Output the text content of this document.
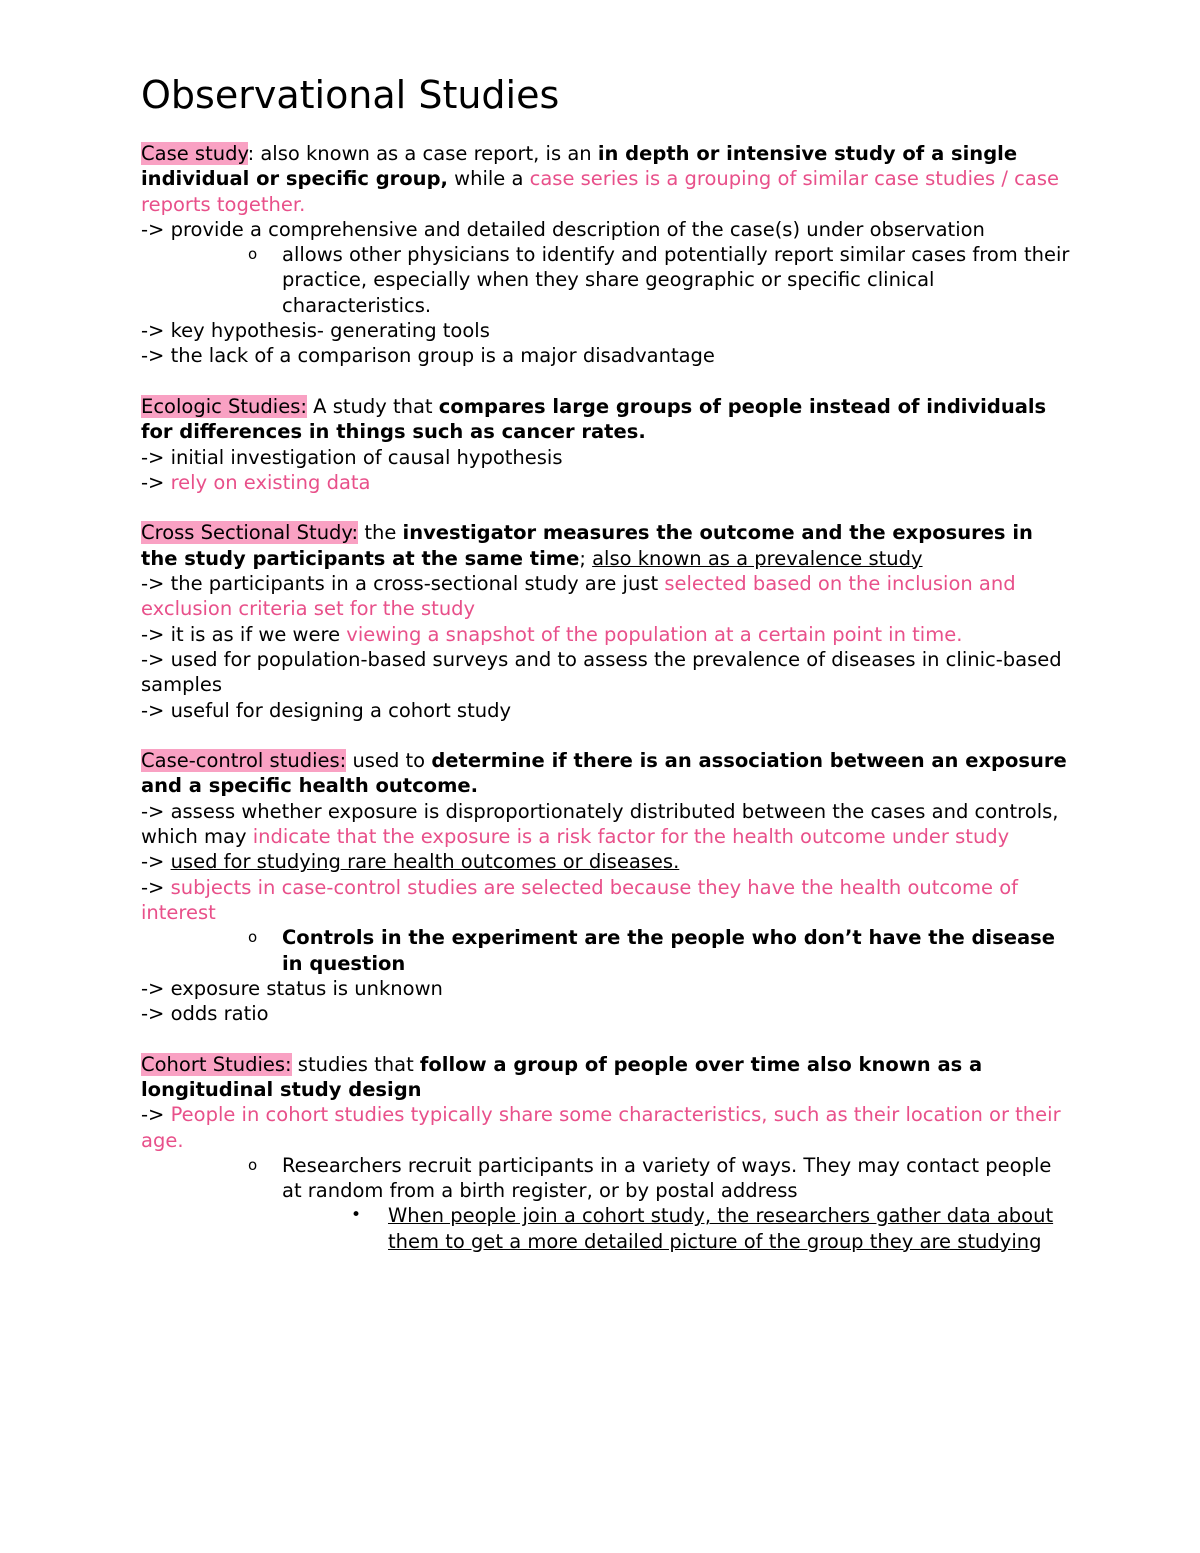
Observational Studies

Case study: also known as a case report, is an in depth or intensive study of a single individual or specific group, while a case series is a grouping of similar case studies / case reports together.

-> provide a comprehensive and detailed description of the case(s) under observation

o allows other physicians to identify and potentially report similar cases from their practice, especially when they share geographic or specific clinical characteristics.

-> key hypothesis- generating tools

-> the lack of a comparison group is a major disadvantage

Ecologic Studies: A study that compares large groups of people instead of individuals for differences in things such as cancer rates.

-> initial investigation of causal hypothesis

-> rely on existing data

Cross Sectional Study: the investigator measures the outcome and the exposures in the study participants at the same time; also known as a prevalence study

-> the participants in a cross-sectional study are just selected based on the inclusion and exclusion criteria set for the study

-> it is as if we were viewing a snapshot of the population at a certain point in time.

-> used for population-based surveys and to assess the prevalence of diseases in clinic-based samples

-> useful for designing a cohort study

Case-control studies: used to determine if there is an association between an exposure and a specific health outcome.

-> assess whether exposure is disproportionately distributed between the cases and controls, which may indicate that the exposure is a risk factor for the health outcome under study

-> used for studying rare health outcomes or diseases.

-> subjects in case-control studies are selected because they have the health outcome of interest

o Controls in the experiment are the people who don’t have the disease in question

-> exposure status is unknown

-> odds ratio

Cohort Studies: studies that follow a group of people over time also known as a longitudinal study design

-> People in cohort studies typically share some characteristics, such as their location or their age.

o Researchers recruit participants in a variety of ways. They may contact people at random from a birth register, or by postal address

• When people join a cohort study, the researchers gather data about them to get a more detailed picture of the group they are studying
